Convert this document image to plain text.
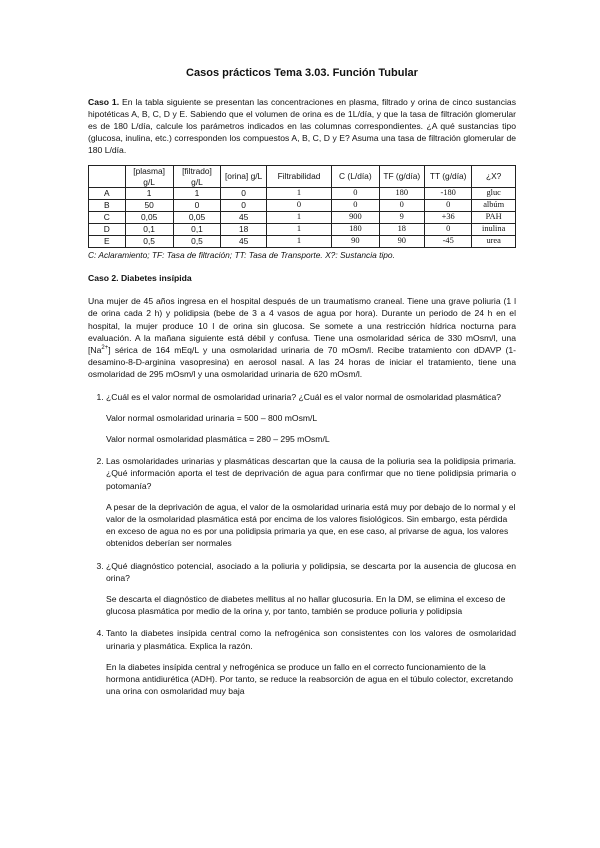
Casos prácticos Tema 3.03. Función Tubular

Caso 1. En la tabla siguiente se presentan las concentraciones en plasma, filtrado y orina de cinco sustancias hipotéticas A, B, C, D y E. Sabiendo que el volumen de orina es de 1L/día, y que la tasa de filtración glomerular es de 180 L/día, calcule los parámetros indicados en las columnas correspondientes. ¿A qué sustancias tipo (glucosa, inulina, etc.) corresponden los compuestos A, B, C, D y E? Asuma una tasa de filtración glomerular de 180 L/día.

	[plasma] g/L	[filtrado] g/L	[orina] g/L	Filtrabilidad	C (L/día)	TF (g/día)	TT (g/día)	¿X?
A	1	1	0	1	0	180	-180	gluc
B	50	0	0	0	0	0	0	albúm
C	0,05	0,05	45	1	900	9	+36	PAH
D	0,1	0,1	18	1	180	18	0	inulina
E	0,5	0,5	45	1	90	90	-45	urea
C: Aclaramiento; TF: Tasa de filtración; TT: Tasa de Transporte. X?: Sustancia tipo.
Caso 2. Diabetes insípida

Una mujer de 45 años ingresa en el hospital después de un traumatismo craneal. Tiene una grave poliuria (1 l de orina cada 2 h) y polidipsia (bebe de 3 a 4 vasos de agua por hora). Durante un periodo de 24 h en el hospital, la mujer produce 10 l de orina sin glucosa. Se somete a una restricción hídrica nocturna para evaluación. A la mañana siguiente está débil y confusa. Tiene una osmolaridad sérica de 330 mOsm/l, una $[Na^{2+}]$ sérica de 164 mEq/L y una osmolaridad urinaria de 70 mOsm/l. Recibe tratamiento con dDAVP (1-desamino-8-D-arginina vasopresina) en aerosol nasal. A las 24 horas de iniciar el tratamiento, tiene una osmolaridad de 295 mOsm/l y una osmolaridad urinaria de 620 mOsm/l.

1. ¿Cuál es el valor normal de osmolaridad urinaria? ¿Cuál es el valor normal de osmolaridad plasmática?
Valor normal osmolaridad urinaria = 500 – 800 mOsm/L
Valor normal osmolaridad plasmática = 280 – 295 mOsm/L
2. Las osmolaridades urinarias y plasmáticas descartan que la causa de la poliuria sea la polidipsia primaria. ¿Qué información aporta el test de deprivación de agua para confirmar que no tiene polidipsia primaria o potomanía?
A pesar de la deprivación de agua, el valor de la osmolaridad urinaria está muy por debajo de lo normal y el valor de la osmolaridad plasmática está por encima de los valores fisiológicos. Sin embargo, esta pérdida en exceso de agua no es por una polidipsia primaria ya que, en ese caso, al privarse de agua, los valores obtenidos deberían ser normales
3. ¿Qué diagnóstico potencial, asociado a la poliuria y polidipsia, se descarta por la ausencia de glucosa en orina?
Se descarta el diagnóstico de diabetes mellitus al no hallar glucosuria. En la DM, se elimina el exceso de glucosa plasmática por medio de la orina y, por tanto, también se produce poliuria y polidipsia
4. Tanto la diabetes insípida central como la nefrogénica son consistentes con los valores de osmolaridad urinaria y plasmática. Explica la razón.
En la diabetes insípida central y nefrogénica se produce un fallo en el correcto funcionamiento de la hormona antidiurética (ADH). Por tanto, se reduce la reabsorción de agua en el túbulo colector, excretando una orina con osmolaridad muy baja
